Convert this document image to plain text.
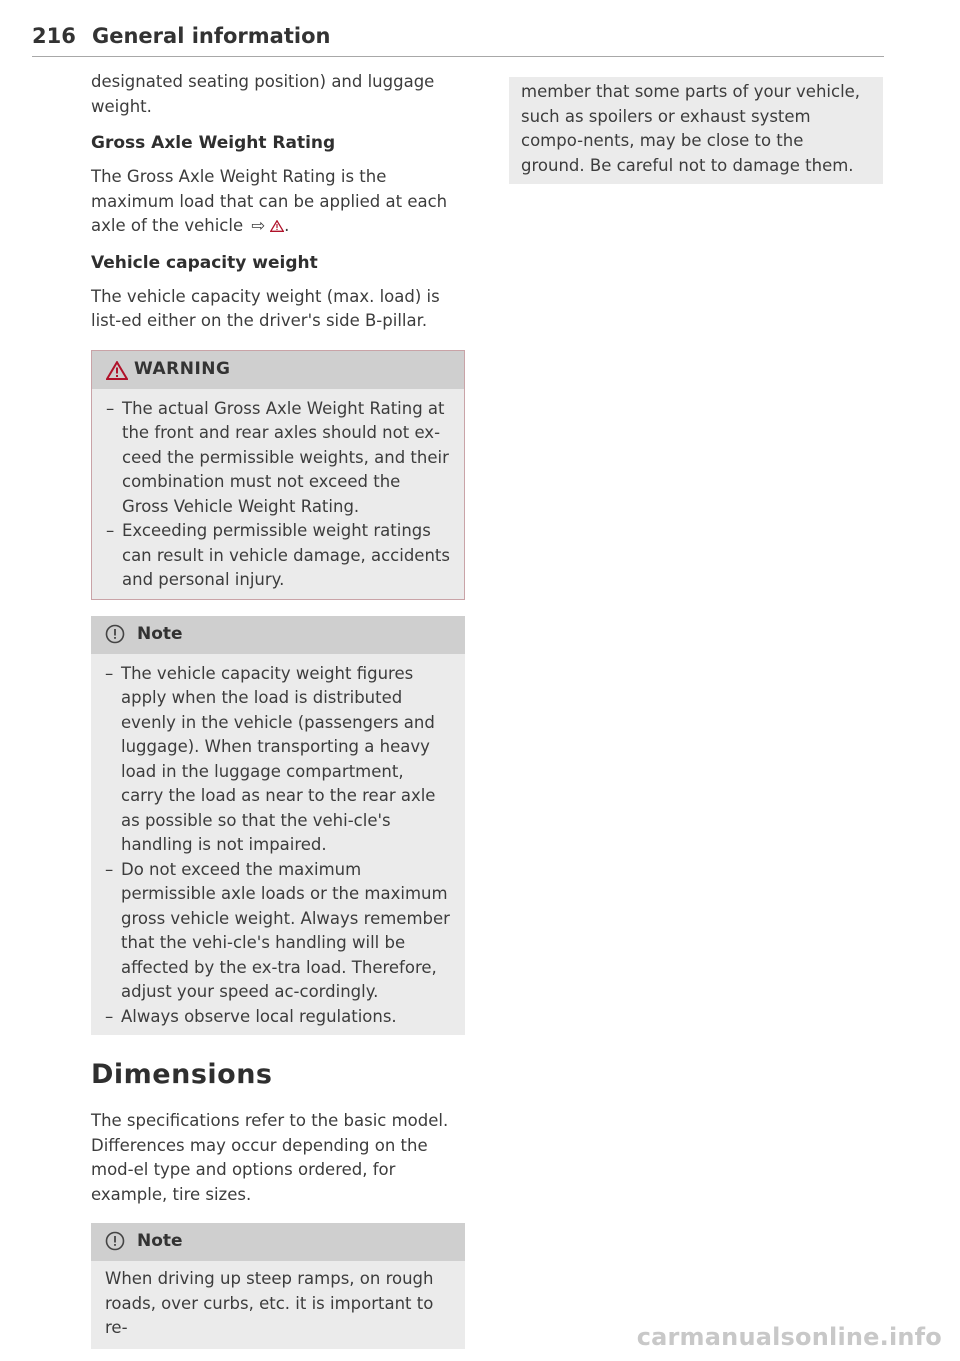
216 General information

designated seating position) and luggage weight.

Gross Axle Weight Rating

The Gross Axle Weight Rating is the maximum load that can be applied at each axle of the vehicle ⇨ .

Vehicle capacity weight

The vehicle capacity weight (max. load) is list-ed either on the driver's side B-pillar.

WARNING
– The actual Gross Axle Weight Rating at the front and rear axles should not ex-ceed the permissible weights, and their combination must not exceed the Gross Vehicle Weight Rating.
– Exceeding permissible weight ratings can result in vehicle damage, accidents and personal injury.
Note
– The vehicle capacity weight figures apply when the load is distributed evenly in the vehicle (passengers and luggage). When transporting a heavy load in the luggage compartment, carry the load as near to the rear axle as possible so that the vehi-cle's handling is not impaired.
– Do not exceed the maximum permissible axle loads or the maximum gross vehicle weight. Always remember that the vehi-cle's handling will be affected by the ex-tra load. Therefore, adjust your speed ac-cordingly.
– Always observe local regulations.
Dimensions

The specifications refer to the basic model. Differences may occur depending on the mod-el type and options ordered, for example, tire sizes.

Note
When driving up steep ramps, on rough roads, over curbs, etc. it is important to re-

member that some parts of your vehicle, such as spoilers or exhaust system compo-nents, may be close to the ground. Be careful not to damage them.

carmanualsonline.info
